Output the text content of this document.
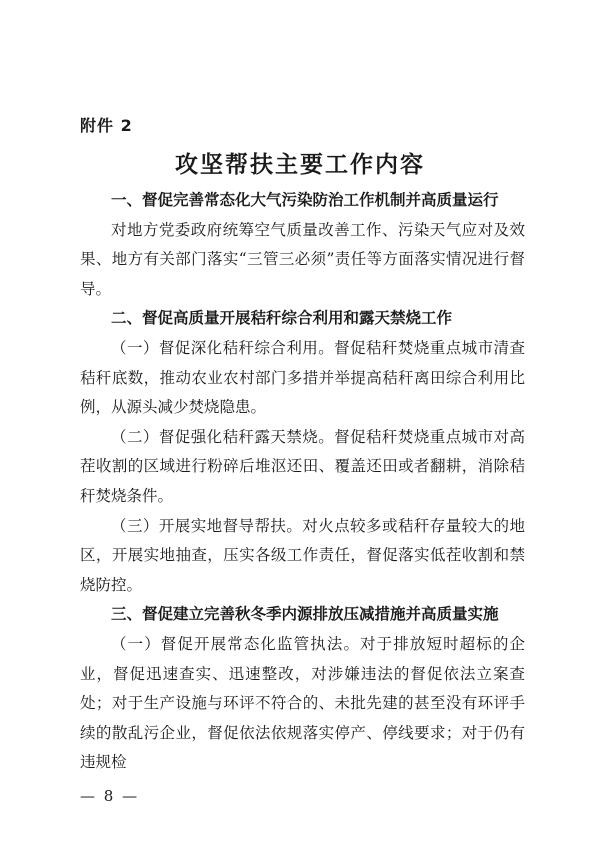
附件 2
攻坚帮扶主要工作内容

一、督促完善常态化大气污染防治工作机制并高质量运行

对地方党委政府统筹空气质量改善工作、污染天气应对及效果、地方有关部门落实“三管三必须”责任等方面落实情况进行督导。

二、督促高质量开展秸秆综合利用和露天禁烧工作

（一）督促深化秸秆综合利用。督促秸秆焚烧重点城市清查秸秆底数，推动农业农村部门多措并举提高秸秆离田综合利用比例，从源头减少焚烧隐患。

（二）督促强化秸秆露天禁烧。督促秸秆焚烧重点城市对高茬收割的区域进行粉碎后堆沤还田、覆盖还田或者翻耕，消除秸秆焚烧条件。

（三）开展实地督导帮扶。对火点较多或秸秆存量较大的地区，开展实地抽查，压实各级工作责任，督促落实低茬收割和禁烧防控。

三、督促建立完善秋冬季内源排放压减措施并高质量实施

（一）督促开展常态化监管执法。对于排放短时超标的企业，督促迅速查实、迅速整改，对涉嫌违法的督促依法立案查处；对于生产设施与环评不符合的、未批先建的甚至没有环评手续的散乱污企业，督促依法依规落实停产、停线要求；对于仍有违规检

— 8 —
